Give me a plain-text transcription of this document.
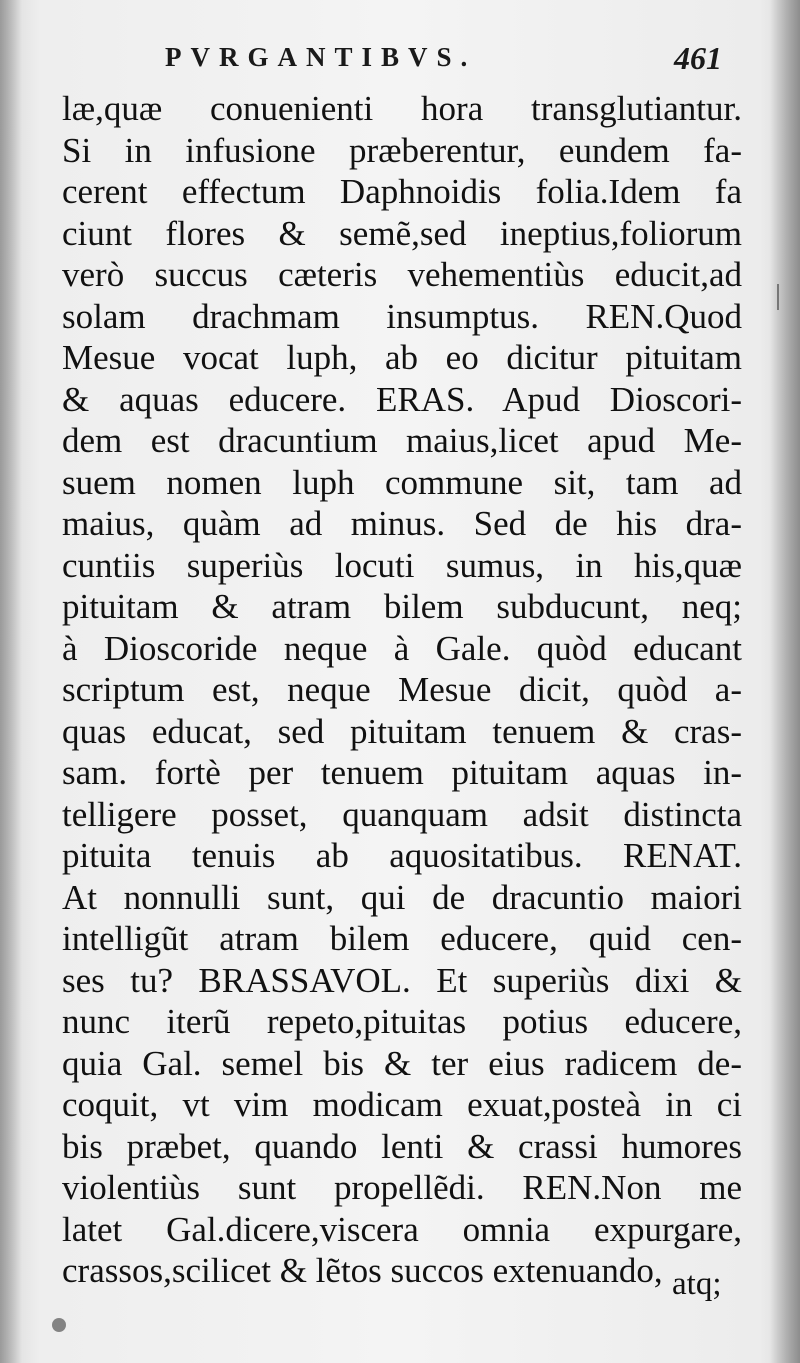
PVRGANTIBVS.	461
læ,quæ conuenienti hora transglutiantur.
Si in infusione præberentur, eundem fa-
cerent effectum Daphnoidis folia.Idem fa
ciunt flores & semẽ,sed ineptius,foliorum
verò succus cæteris vehementiùs educit,ad
solam drachmam insumptus. REN.Quod
Mesue vocat luph, ab eo dicitur pituitam
& aquas educere. ERAS. Apud Dioscori-
dem est dracuntium maius,licet apud Me-
suem nomen luph commune sit, tam ad
maius, quàm ad minus. Sed de his dra-
cuntiis superiùs locuti sumus, in his,quæ
pituitam & atram bilem subducunt, neq;
à Dioscoride neque à Gale. quòd educant
scriptum est, neque Mesue dicit, quòd a-
quas educat, sed pituitam tenuem & cras-
sam. fortè per tenuem pituitam aquas in-
telligere posset, quanquam adsit distincta
pituita tenuis ab aquositatibus. RENAT.
At nonnulli sunt, qui de dracuntio maiori
intelligũt atram bilem educere, quid cen-
ses tu? BRASSAVOL. Et superiùs dixi &
nunc iterũ repeto,pituitas potius educere,
quia Gal. semel bis & ter eius radicem de-
coquit, vt vim modicam exuat,posteà in ci
bis præbet, quando lenti & crassi humores
violentiùs sunt propellẽdi. REN.Non me
latet Gal.dicere,viscera omnia expurgare,
crassos,scilicet & lẽtos succos extenuando, atq;
